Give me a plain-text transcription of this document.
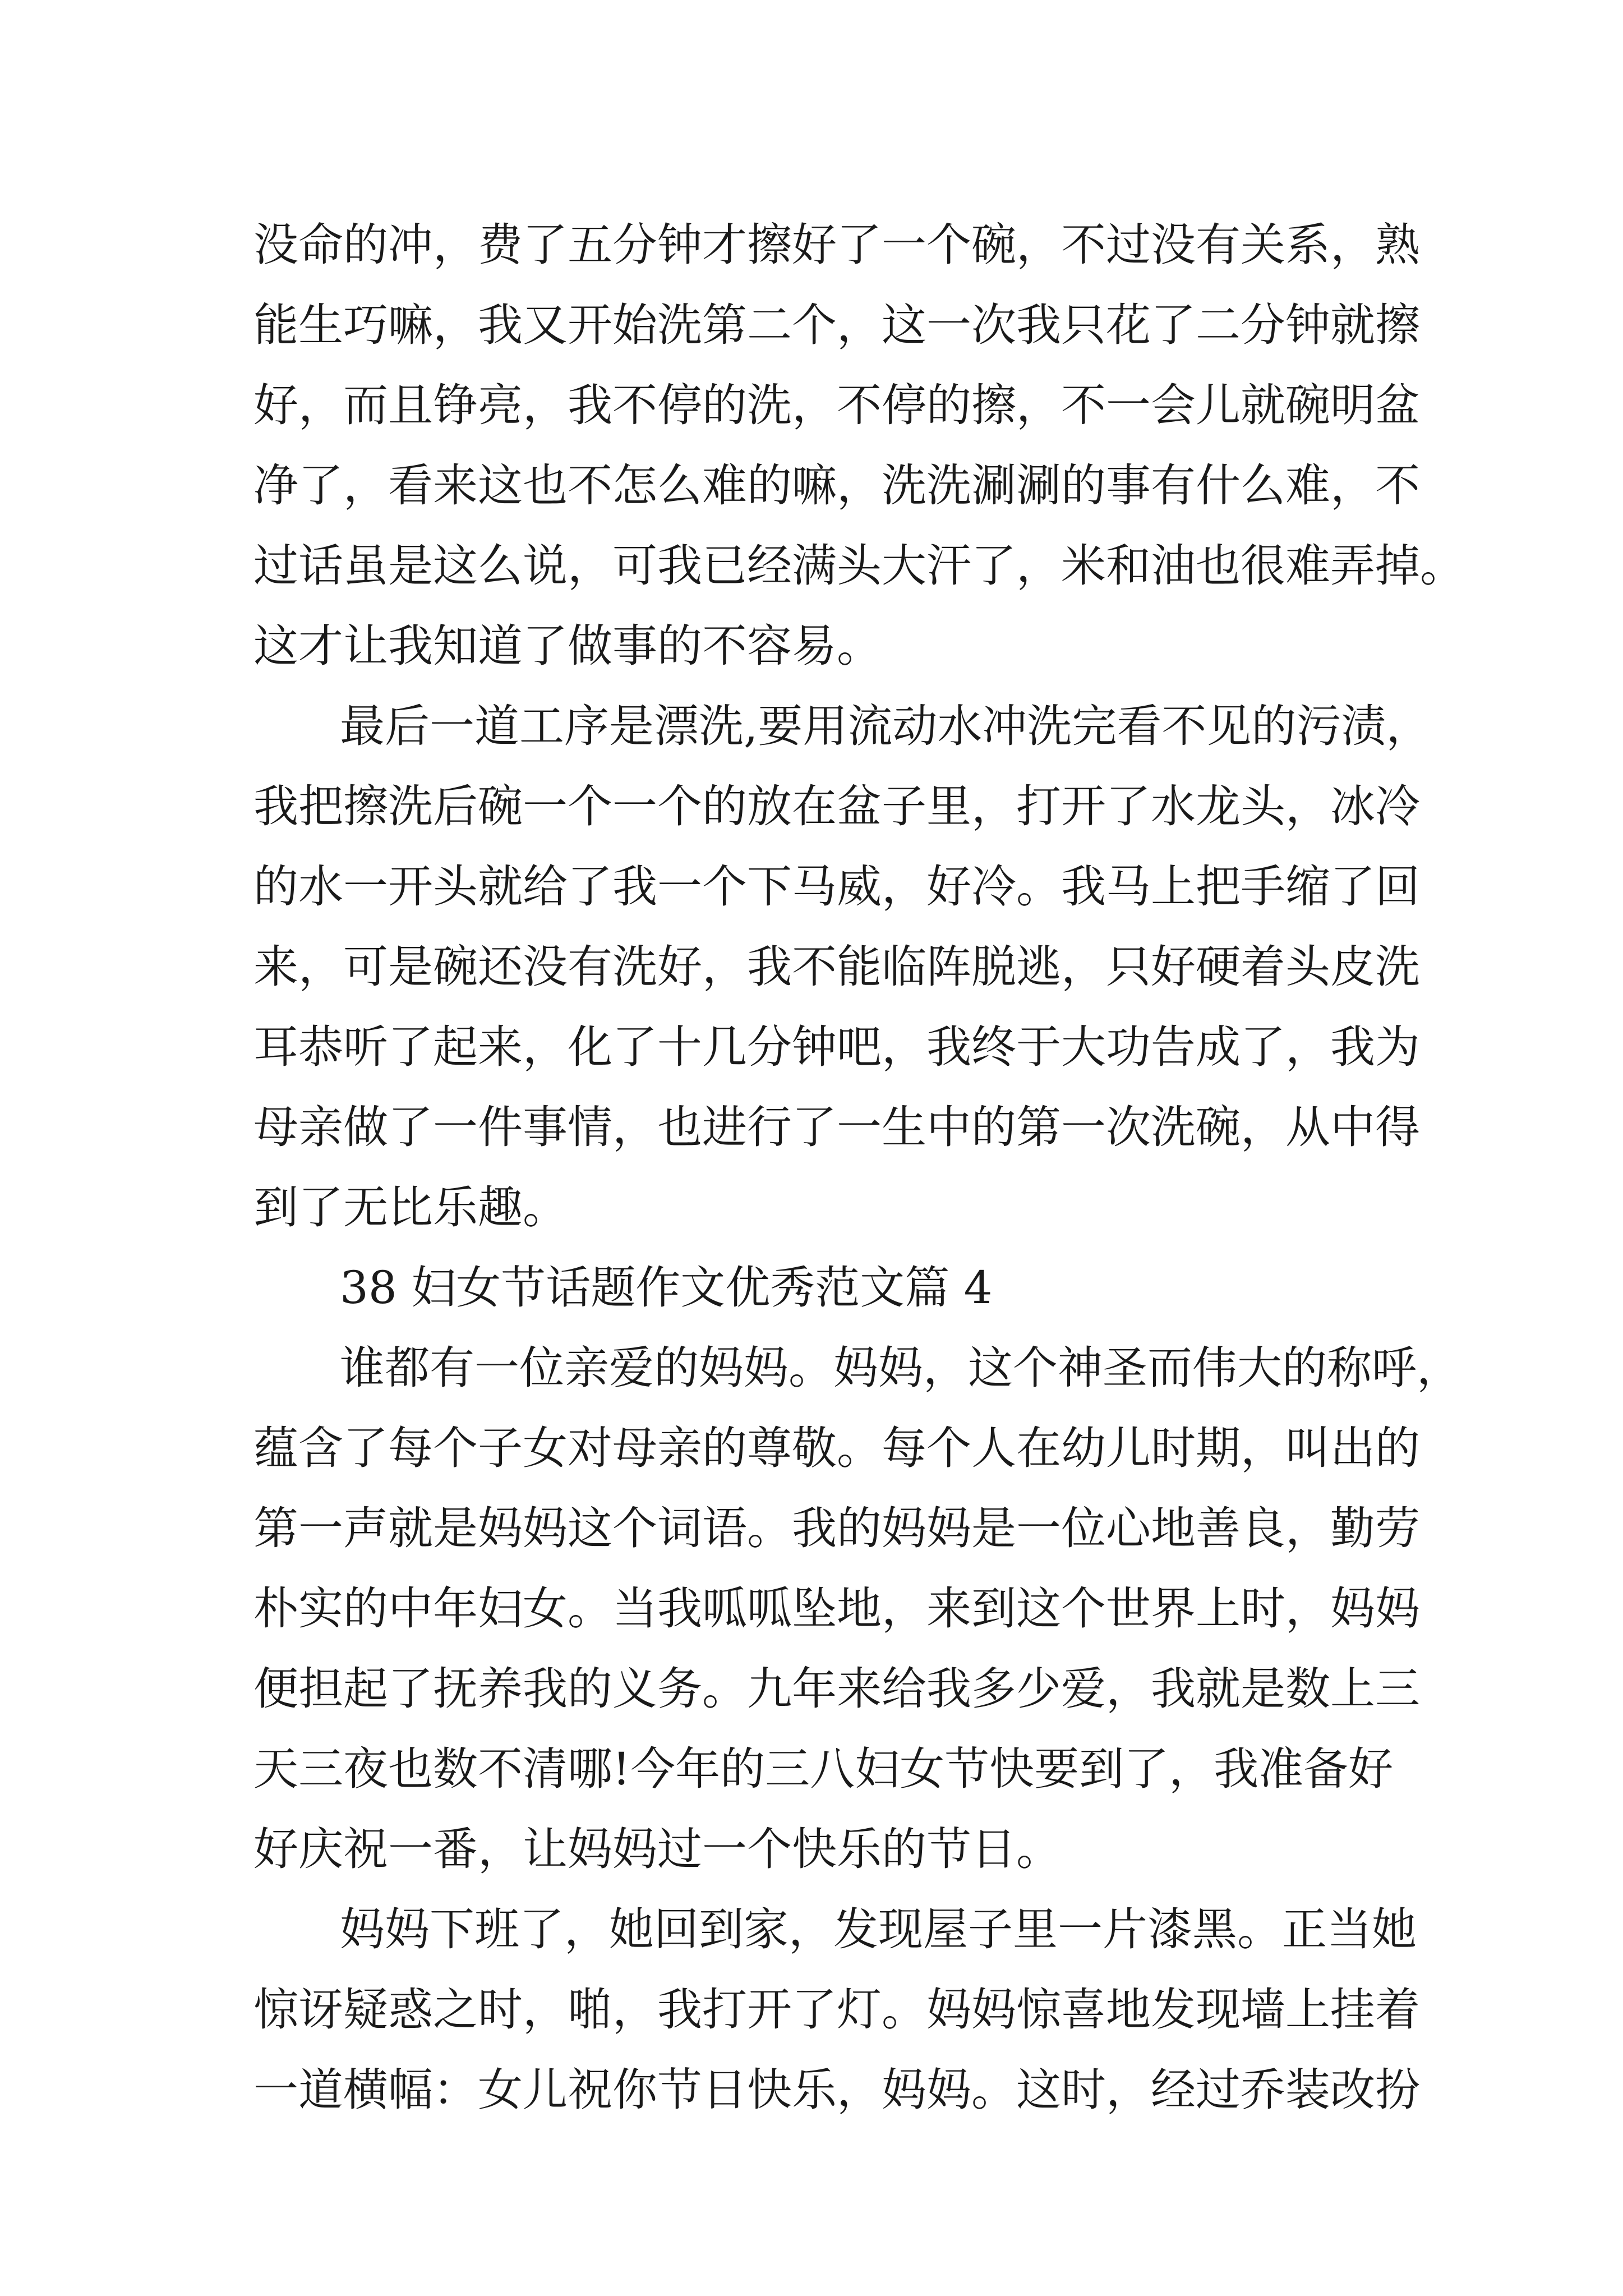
没命的冲，费了五分钟才擦好了一个碗，不过没有关系，熟
能生巧嘛，我又开始洗第二个，这一次我只花了二分钟就擦
好，而且铮亮，我不停的洗，不停的擦，不一会儿就碗明盆
净了，看来这也不怎么难的嘛，洗洗涮涮的事有什么难，不
过话虽是这么说，可我已经满头大汗了，米和油也很难弄掉。
这才让我知道了做事的不容易。
最后一道工序是漂洗,要用流动水冲洗完看不见的污渍，
我把擦洗后碗一个一个的放在盆子里，打开了水龙头，冰冷
的水一开头就给了我一个下马威，好冷。我马上把手缩了回
来，可是碗还没有洗好，我不能临阵脱逃，只好硬着头皮洗
耳恭听了起来，化了十几分钟吧，我终于大功告成了，我为
母亲做了一件事情，也进行了一生中的第一次洗碗，从中得
到了无比乐趣。
38 妇女节话题作文优秀范文篇 4
谁都有一位亲爱的妈妈。妈妈，这个神圣而伟大的称呼，
蕴含了每个子女对母亲的尊敬。每个人在幼儿时期，叫出的
第一声就是妈妈这个词语。我的妈妈是一位心地善良，勤劳
朴实的中年妇女。当我呱呱坠地，来到这个世界上时，妈妈
便担起了抚养我的义务。九年来给我多少爱，我就是数上三
天三夜也数不清哪!今年的三八妇女节快要到了，我准备好
好庆祝一番，让妈妈过一个快乐的节日。
妈妈下班了，她回到家，发现屋子里一片漆黑。正当她
惊讶疑惑之时，啪，我打开了灯。妈妈惊喜地发现墙上挂着
一道横幅：女儿祝你节日快乐，妈妈。这时，经过乔装改扮
